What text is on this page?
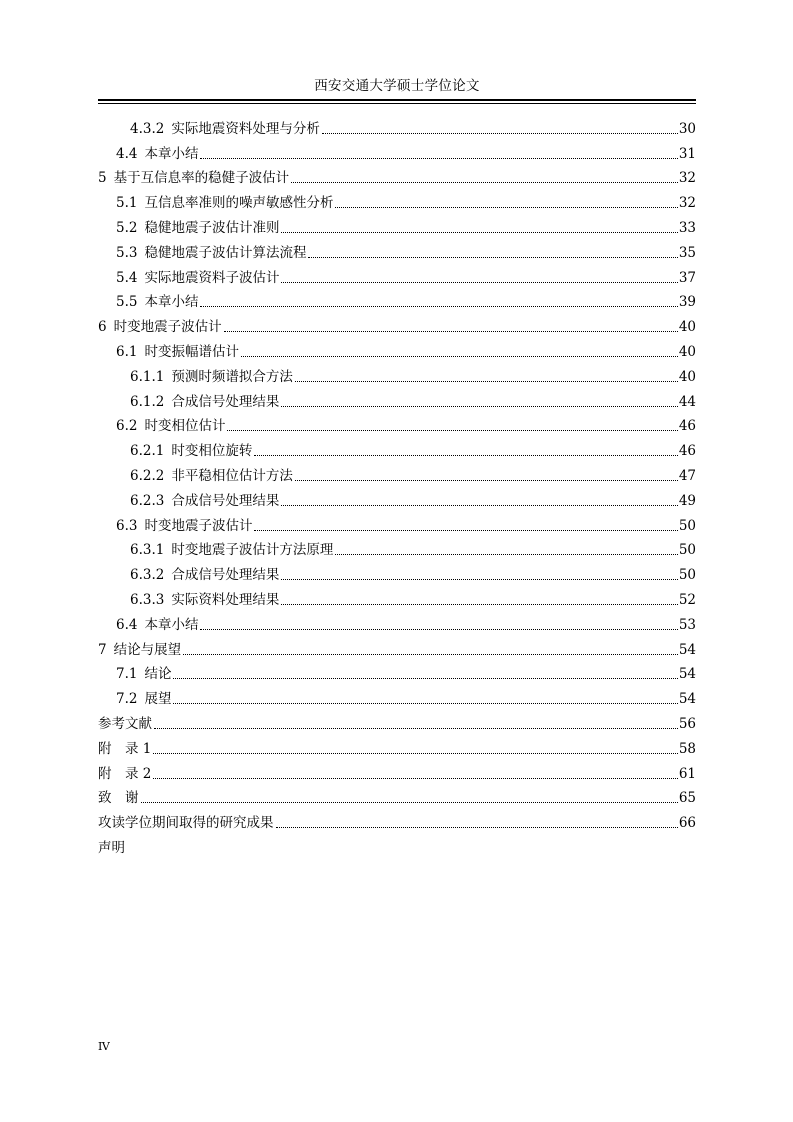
西安交通大学硕士学位论文
4.3.2 实际地震资料处理与分析	30
4.4 本章小结	31
5 基于互信息率的稳健子波估计	32
5.1 互信息率准则的噪声敏感性分析	32
5.2 稳健地震子波估计准则	33
5.3 稳健地震子波估计算法流程	35
5.4 实际地震资料子波估计	37
5.5 本章小结	39
6 时变地震子波估计	40
6.1 时变振幅谱估计	40
6.1.1 预测时频谱拟合方法	40
6.1.2 合成信号处理结果	44
6.2 时变相位估计	46
6.2.1 时变相位旋转	46
6.2.2 非平稳相位估计方法	47
6.2.3 合成信号处理结果	49
6.3 时变地震子波估计	50
6.3.1 时变地震子波估计方法原理	50
6.3.2 合成信号处理结果	50
6.3.3 实际资料处理结果	52
6.4 本章小结	53
7 结论与展望	54
7.1 结论	54
7.2 展望	54
参考文献	56
附　录 1	58
附　录 2	61
致　谢	65
攻读学位期间取得的研究成果	66
声明
IV
